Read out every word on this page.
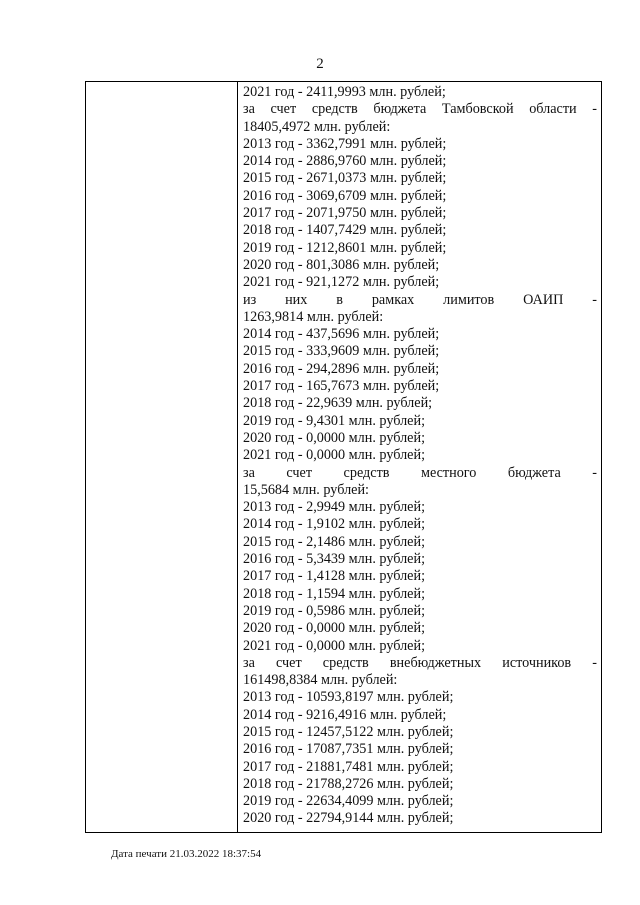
2
2021 год - 2411,9993 млн. рублей;
за счет средств бюджета Тамбовской области -
18405,4972 млн. рублей:
2013 год - 3362,7991 млн. рублей;
2014 год - 2886,9760 млн. рублей;
2015 год - 2671,0373 млн. рублей;
2016 год - 3069,6709 млн. рублей;
2017 год - 2071,9750 млн. рублей;
2018 год - 1407,7429 млн. рублей;
2019 год - 1212,8601 млн. рублей;
2020 год - 801,3086 млн. рублей;
2021 год - 921,1272 млн. рублей;
из них в рамках лимитов ОАИП -
1263,9814 млн. рублей:
2014 год - 437,5696 млн. рублей;
2015 год - 333,9609 млн. рублей;
2016 год - 294,2896 млн. рублей;
2017 год - 165,7673 млн. рублей;
2018 год - 22,9639 млн. рублей;
2019 год - 9,4301 млн. рублей;
2020 год - 0,0000 млн. рублей;
2021 год - 0,0000 млн. рублей;
за счет средств местного бюджета -
15,5684 млн. рублей:
2013 год - 2,9949 млн. рублей;
2014 год - 1,9102 млн. рублей;
2015 год - 2,1486 млн. рублей;
2016 год - 5,3439 млн. рублей;
2017 год - 1,4128 млн. рублей;
2018 год - 1,1594 млн. рублей;
2019 год - 0,5986 млн. рублей;
2020 год - 0,0000 млн. рублей;
2021 год - 0,0000 млн. рублей;
за счет средств внебюджетных источников -
161498,8384 млн. рублей:
2013 год - 10593,8197 млн. рублей;
2014 год - 9216,4916 млн. рублей;
2015 год - 12457,5122 млн. рублей;
2016 год - 17087,7351 млн. рублей;
2017 год - 21881,7481 млн. рублей;
2018 год - 21788,2726 млн. рублей;
2019 год - 22634,4099 млн. рублей;
2020 год - 22794,9144 млн. рублей;
Дата печати 21.03.2022 18:37:54
